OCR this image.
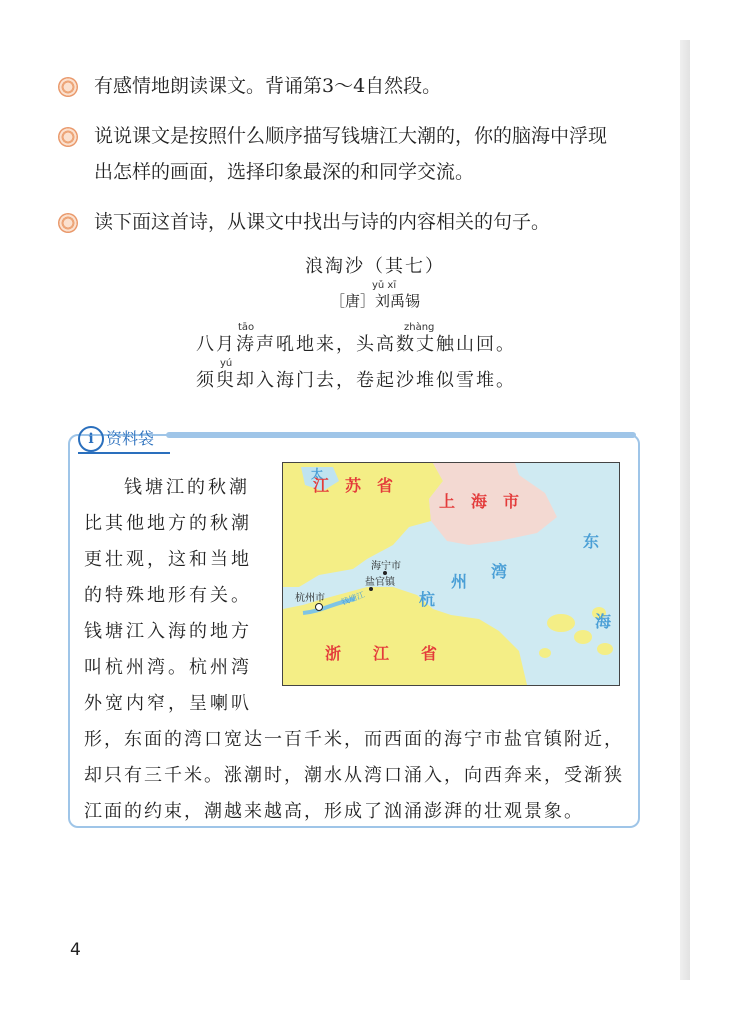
有感情地朗读课文。背诵第3～4自然段。
说说课文是按照什么顺序描写钱塘江大潮的，你的脑海中浮现
出怎样的画面，选择印象最深的和同学交流。
读下面这首诗，从课文中找出与诗的内容相关的句子。
浪淘沙（其七）
yǔ xī
［唐］刘禹锡
tāo	zhàng
八月涛声吼地来，头高数丈触山回。
yú
须臾却入海门去，卷起沙堆似雪堆。
i 资料袋
钱塘江的秋潮
比其他地方的秋潮
更壮观，这和当地
的特殊地形有关。
钱塘江入海的地方
叫杭州湾。杭州湾
外宽内窄，呈喇叭
形，东面的湾口宽达一百千米，而西面的海宁市盐官镇附近，
却只有三千米。涨潮时，潮水从湾口涌入，向西奔来，受渐狭
江面的约束，潮越来越高，形成了汹涌澎湃的壮观景象。
太
江　苏　省
上　海　市
浙　　江　　省
杭
州
湾
东
海
海宁市
盐官镇
杭州市 钱塘江
4
